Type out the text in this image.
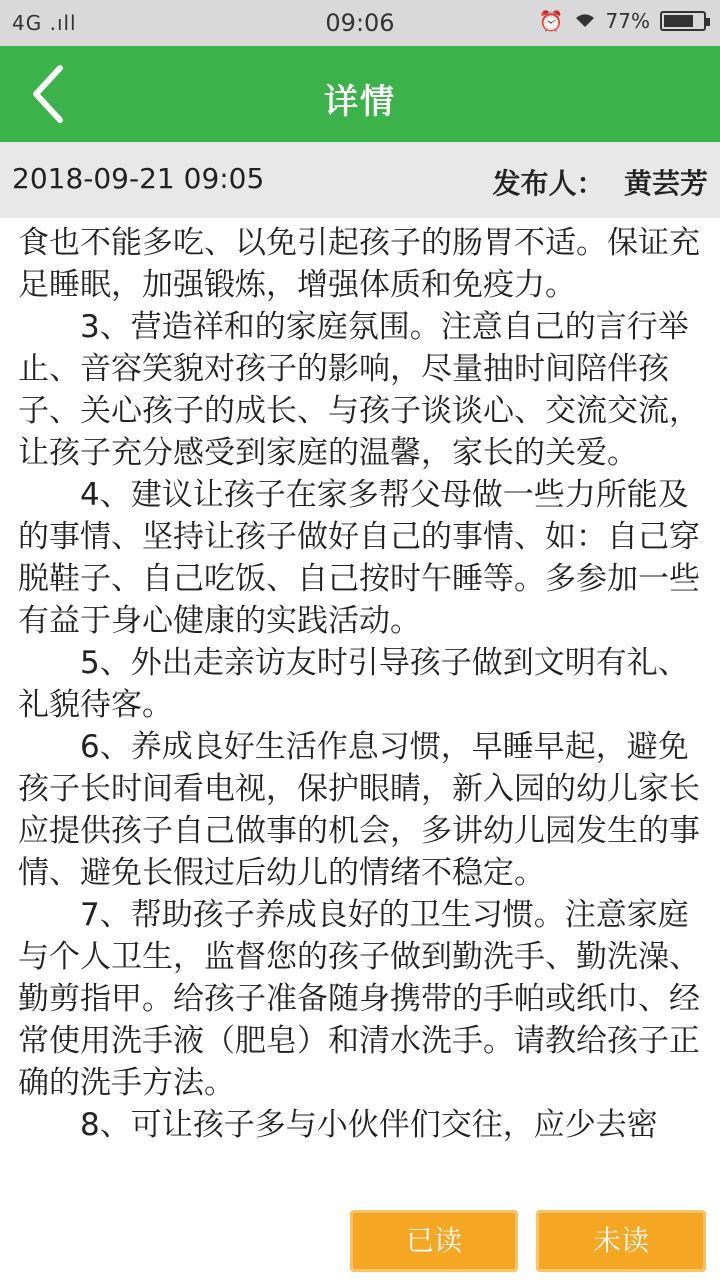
4G .ıll	09:06	⏰ 77%
详情
2018-09-21 09:05	发布人： 黄芸芳

食也不能多吃、以免引起孩子的肠胃不适。保证充足睡眠，加强锻炼，增强体质和免疫力。

3、营造祥和的家庭氛围。注意自己的言行举止、音容笑貌对孩子的影响，尽量抽时间陪伴孩子、关心孩子的成长、与孩子谈谈心、交流交流，让孩子充分感受到家庭的温馨，家长的关爱。

4、建议让孩子在家多帮父母做一些力所能及的事情、坚持让孩子做好自己的事情、如：自己穿脱鞋子、自己吃饭、自己按时午睡等。多参加一些有益于身心健康的实践活动。

5、外出走亲访友时引导孩子做到文明有礼、礼貌待客。

6、养成良好生活作息习惯，早睡早起，避免孩子长时间看电视，保护眼睛，新入园的幼儿家长应提供孩子自己做事的机会，多讲幼儿园发生的事情、避免长假过后幼儿的情绪不稳定。

7、帮助孩子养成良好的卫生习惯。注意家庭与个人卫生，监督您的孩子做到勤洗手、勤洗澡、勤剪指甲。给孩子准备随身携带的手帕或纸巾、经常使用洗手液（肥皂）和清水洗手。请教给孩子正确的洗手方法。

8、可让孩子多与小伙伴们交往，应少去密

已读	未读
